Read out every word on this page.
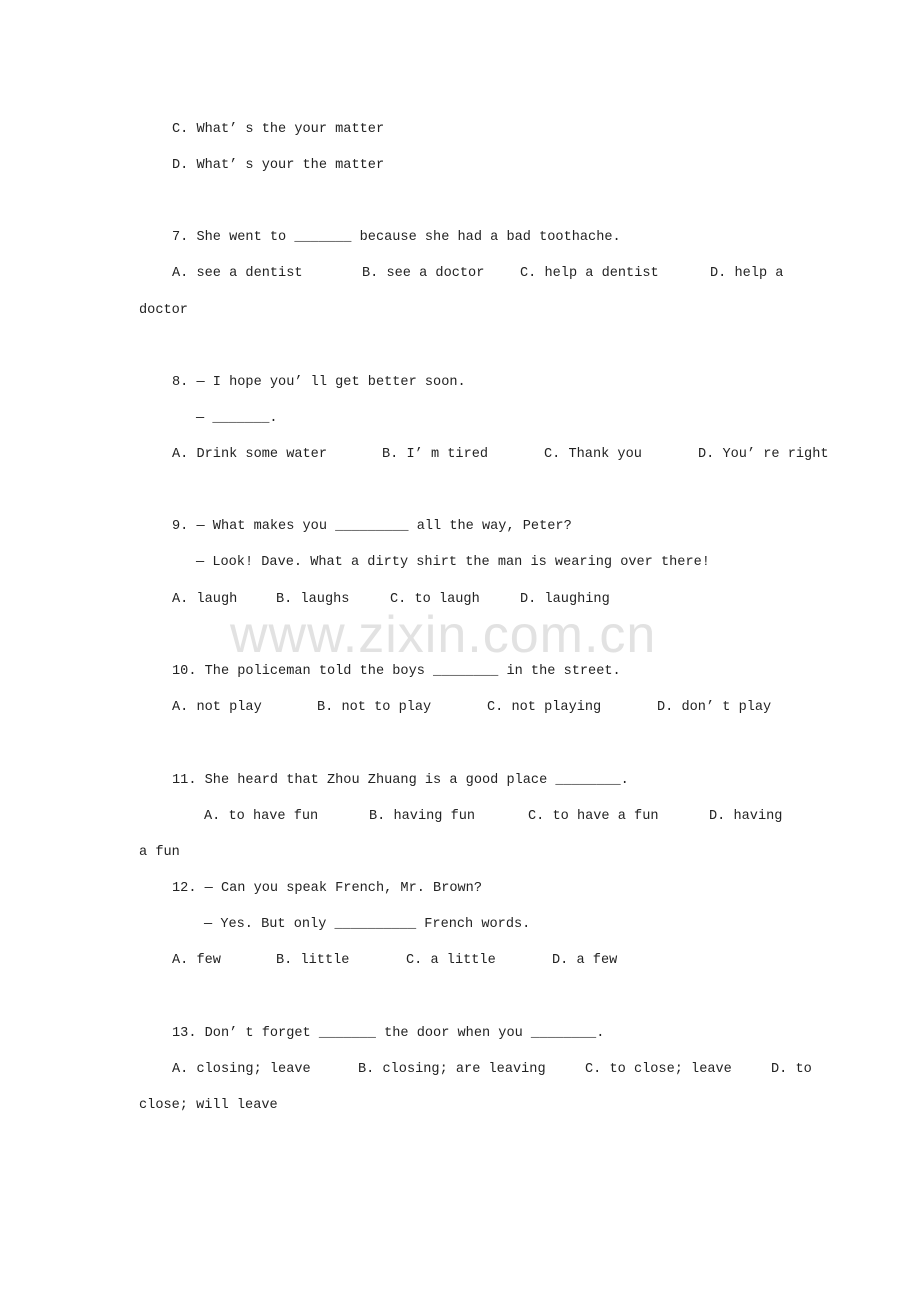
www.zixin.com.cn
C. What’ s the your matter
D. What’ s your the matter
7. She went to _______ because she had a bad toothache.
A. see a dentist	B. see a doctor	C. help a dentist	D. help a
doctor
8. — I hope you’ ll get better soon.
— _______.
A. Drink some water	B. I’ m tired	C. Thank you	D. You’ re right
9. — What makes you _________ all the way, Peter?
— Look! Dave. What a dirty shirt the man is wearing over there!
A. laugh	B. laughs	C. to laugh	D. laughing
10. The policeman told the boys ________ in the street.
A. not play	B. not to play	C. not playing	D. don’ t play
11. She heard that Zhou Zhuang is a good place ________.
A. to have fun	B. having fun	C. to have a fun	D. having
a fun
12. — Can you speak French, Mr. Brown?
— Yes. But only __________ French words.
A. few	B. little	C. a little	D. a few
13. Don’ t forget _______ the door when you ________.
A. closing; leave	B. closing; are leaving	C. to close; leave	D. to
close; will leave
